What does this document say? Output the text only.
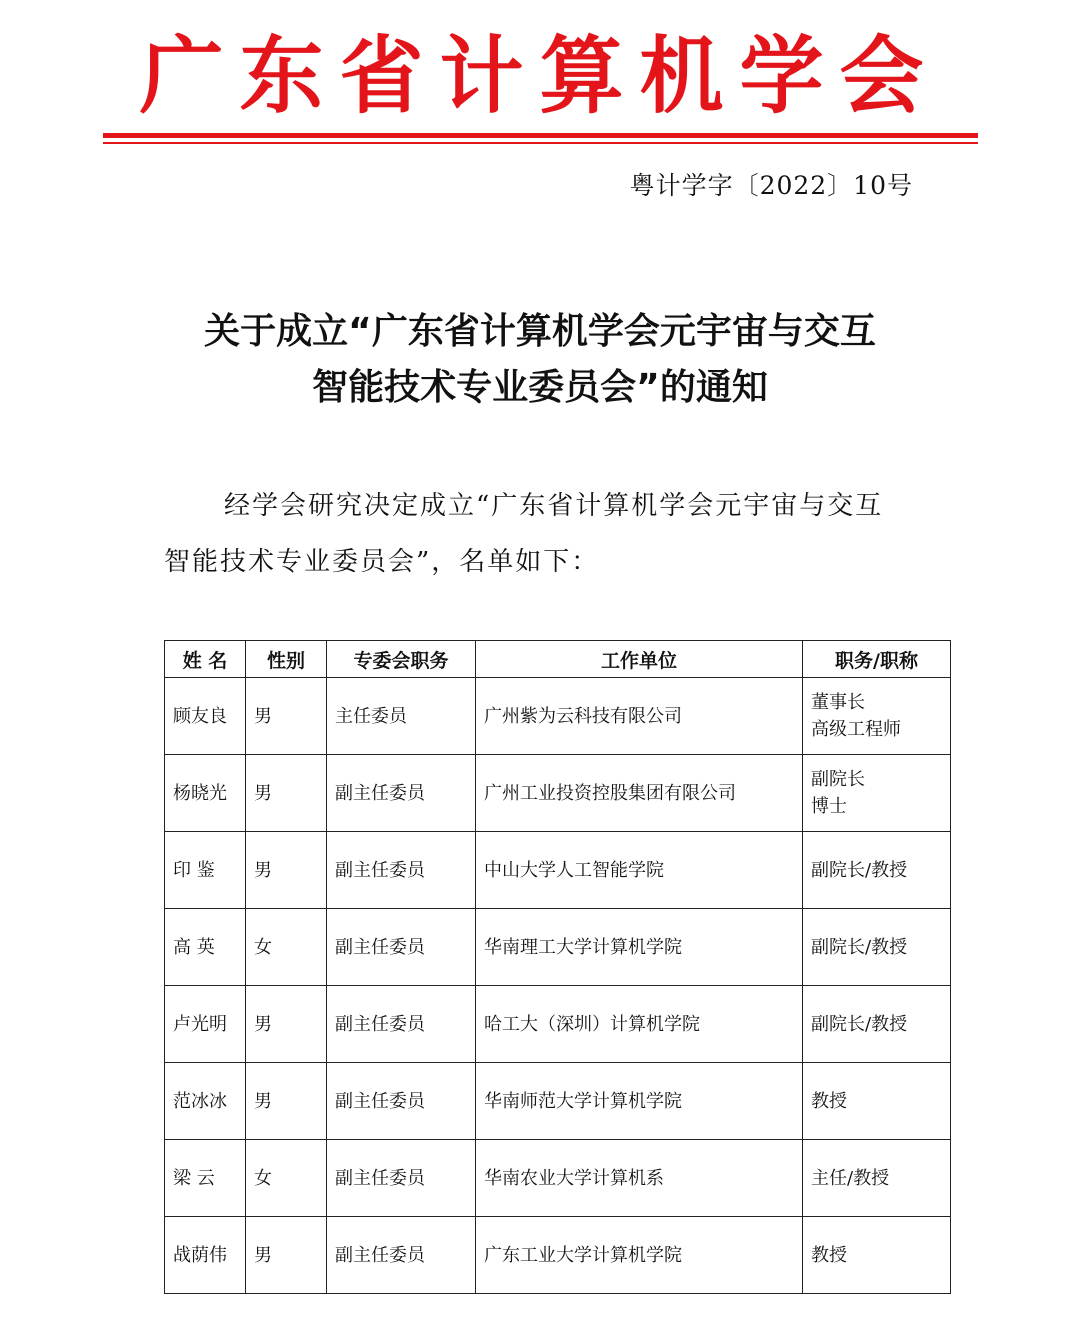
广东省计算机学会
粤计学字〔2022〕10号
关于成立“广东省计算机学会元宇宙与交互
智能技术专业委员会”的通知
经学会研究决定成立“广东省计算机学会元宇宙与交互
智能技术专业委员会”，名单如下：
姓 名	性别	专委会职务	工作单位	职务/职称
顾友良	男	主任委员	广州紫为云科技有限公司	董事长
高级工程师

杨晓光	男	副主任委员	广州工业投资控股集团有限公司	副院长
博士

印 鉴	男	副主任委员	中山大学人工智能学院	副院长/教授
高 英	女	副主任委员	华南理工大学计算机学院	副院长/教授
卢光明	男	副主任委员	哈工大（深圳）计算机学院	副院长/教授
范冰冰	男	副主任委员	华南师范大学计算机学院	教授
梁 云	女	副主任委员	华南农业大学计算机系	主任/教授
战荫伟	男	副主任委员	广东工业大学计算机学院	教授
